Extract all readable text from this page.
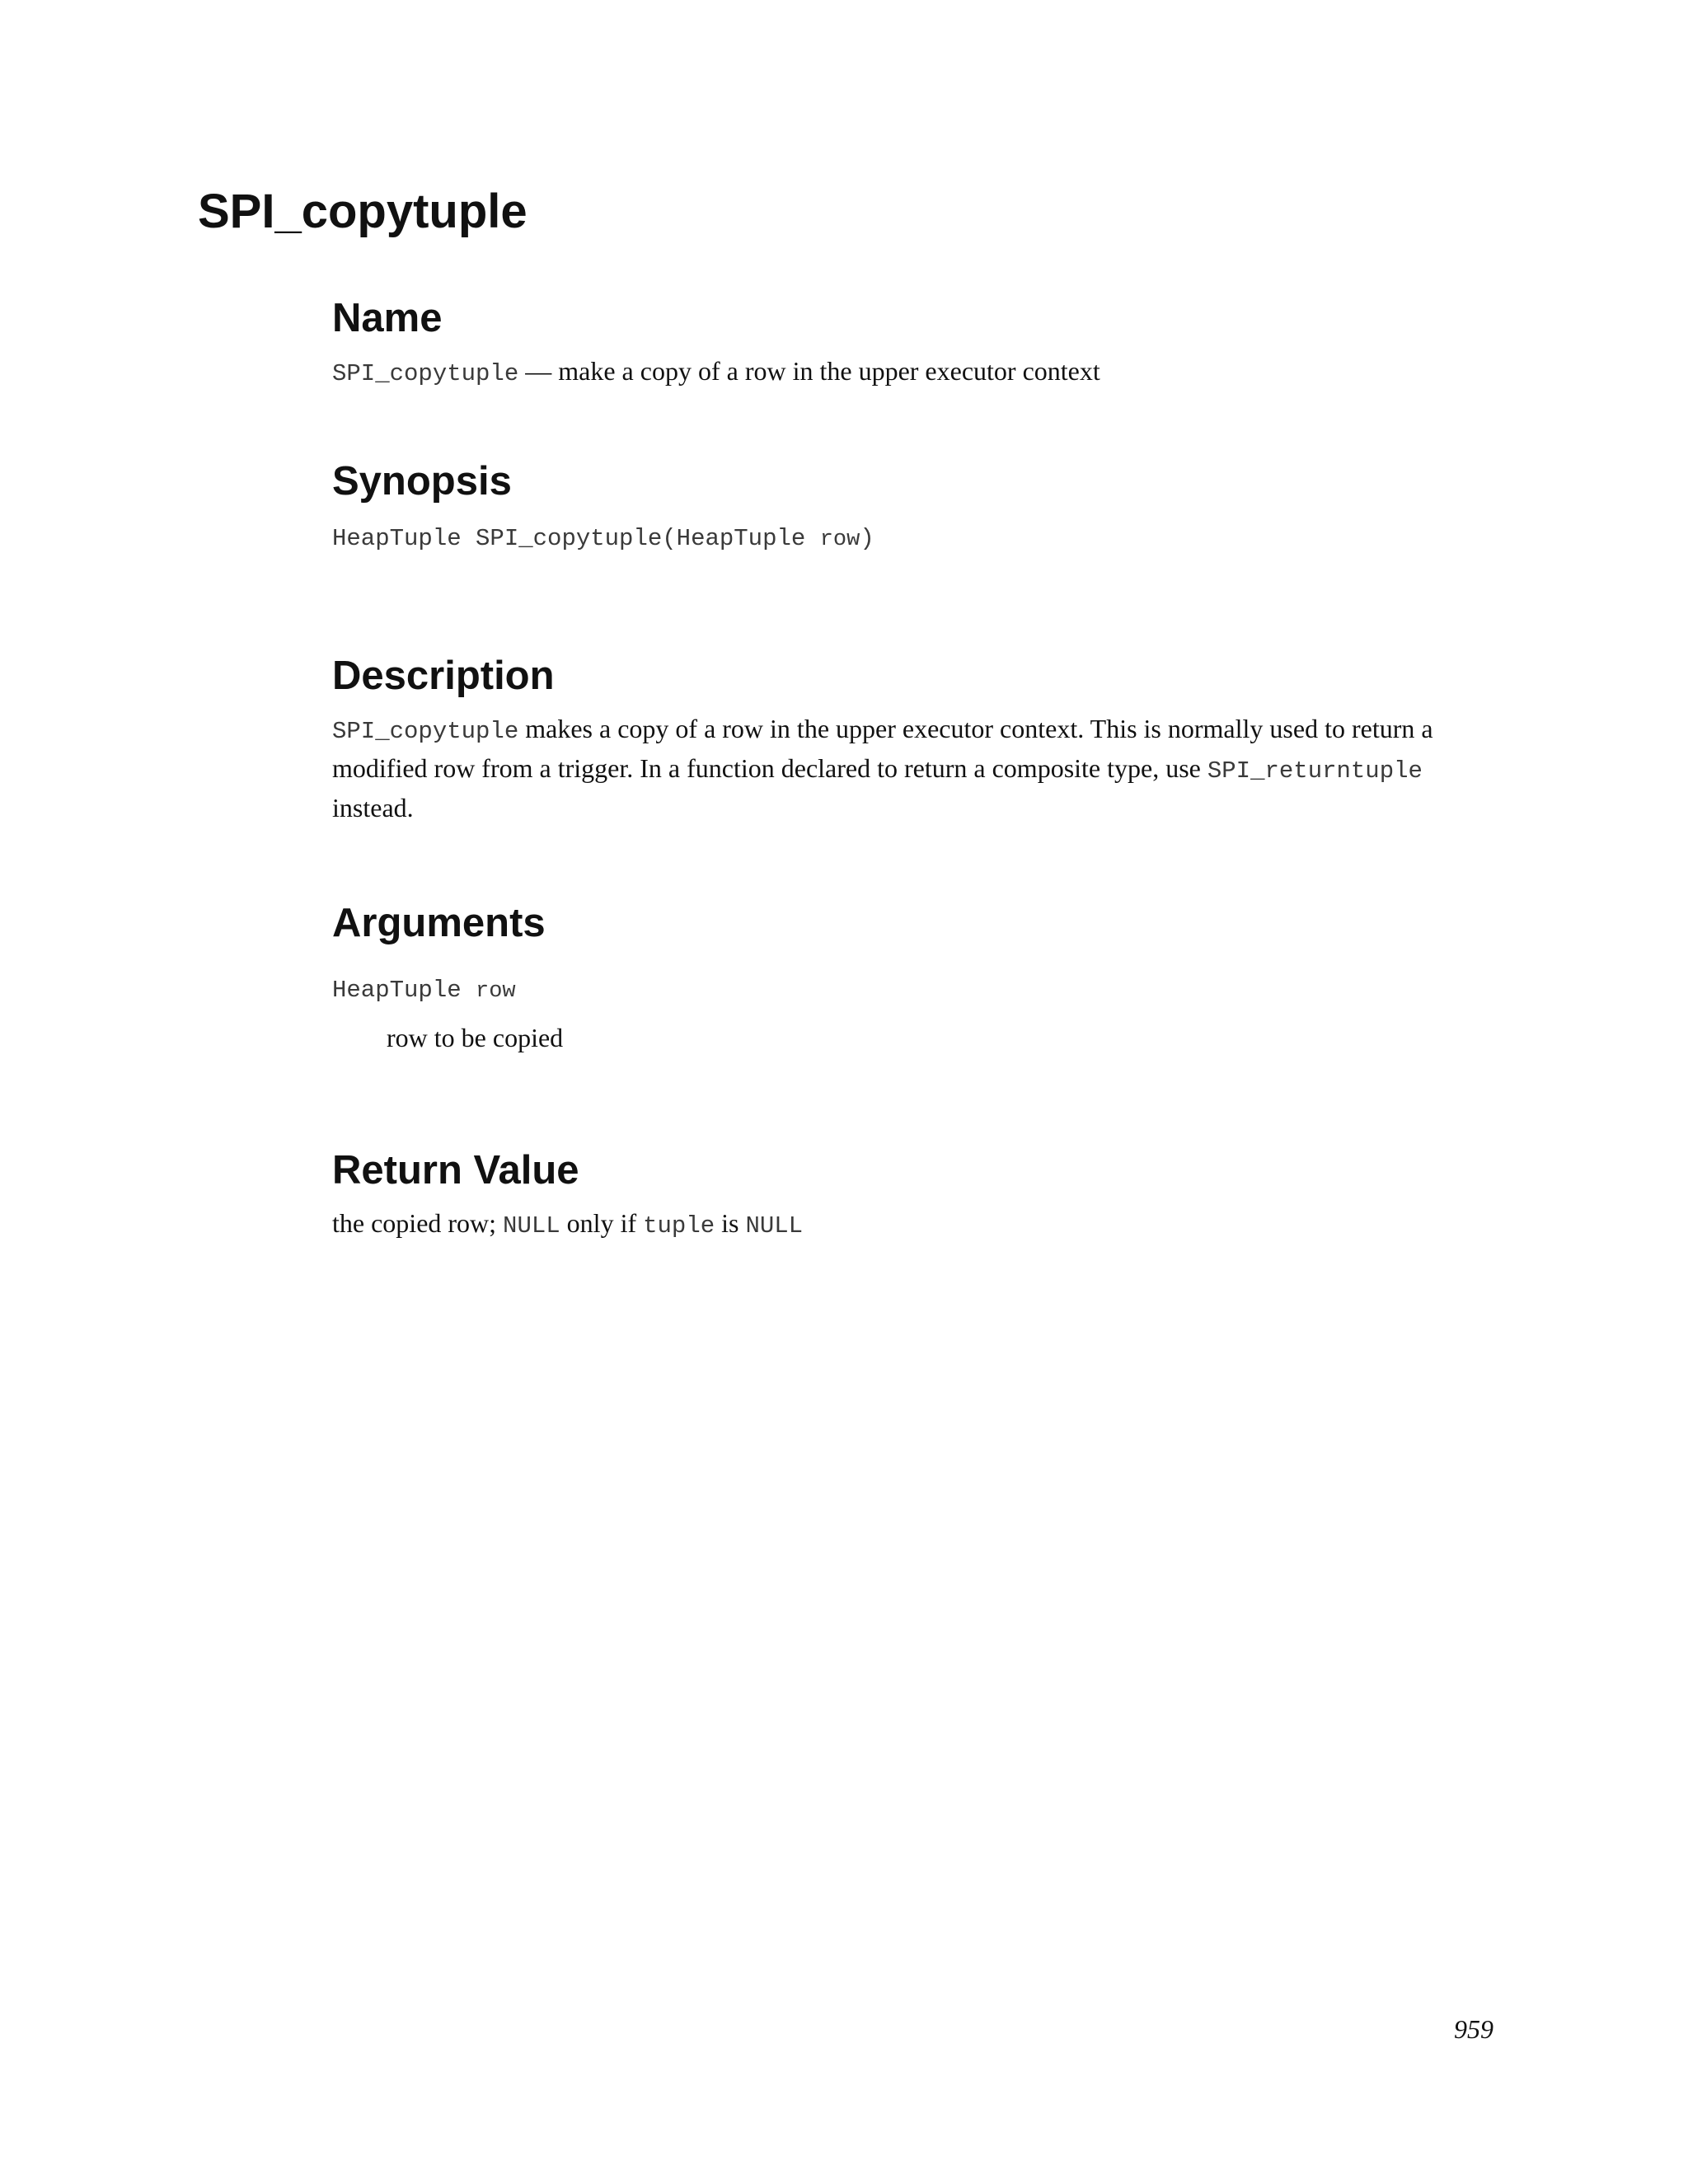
SPI_copytuple
Name

SPI_copytuple — make a copy of a row in the upper executor context

Synopsis

HeapTuple SPI_copytuple(HeapTuple row)

Description

SPI_copytuple makes a copy of a row in the upper executor context. This is normally used to return a modified row from a trigger. In a function declared to return a composite type, use SPI_returntuple instead.

Arguments

HeapTuple row

row to be copied

Return Value

the copied row; NULL only if tuple is NULL

959
